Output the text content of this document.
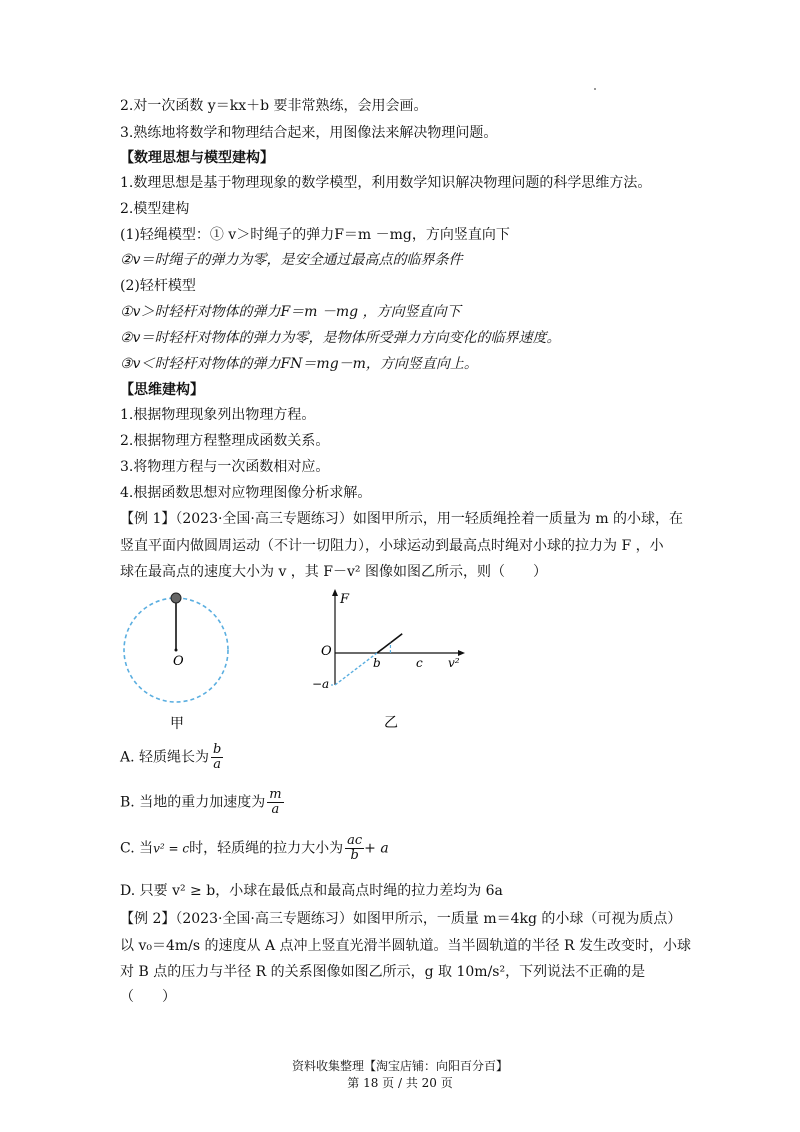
2.对一次函数 y＝kx＋b 要非常熟练，会用会画。
3.熟练地将数学和物理结合起来，用图像法来解决物理问题。
【数理思想与模型建构】
1.数理思想是基于物理现象的数学模型，利用数学知识解决物理问题的科学思维方法。
2.模型建构
(1)轻绳模型：① v＞时绳子的弹力F＝m －mg，方向竖直向下
②v＝时绳子的弹力为零，是安全通过最高点的临界条件
(2)轻杆模型
①v＞时轻杆对物体的弹力F＝m －mg ，方向竖直向下
②v＝时轻杆对物体的弹力为零，是物体所受弹力方向变化的临界速度。
③v＜时轻杆对物体的弹力FN＝mg－m，方向竖直向上。
【思维建构】
1.根据物理现象列出物理方程。
2.根据物理方程整理成函数关系。
3.将物理方程与一次函数相对应。
4.根据函数思想对应物理图像分析求解。
【例 1】（2023·全国·高三专题练习）如图甲所示，用一轻质绳拴着一质量为 m 的小球，在
竖直平面内做圆周运动（不计一切阻力），小球运动到最高点时绳对小球的拉力为 F ，小
球在最高点的速度大小为 v ，其 F－v² 图像如图乙所示，则（　　）
O
甲
F
v²
O
b	c
−a
乙
A. 轻质绳长为 $\frac{b}{a}$
B. 当地的重力加速度为 $\frac{m}{a}$
C. 当v² = c时，轻质绳的拉力大小为 $\frac{ac}{b} + a$
D. 只要 v² ≥ b，小球在最低点和最高点时绳的拉力差均为 6a
【例 2】（2023·全国·高三专题练习）如图甲所示，一质量 m＝4kg 的小球（可视为质点）
以 v₀＝4m/s 的速度从 A 点冲上竖直光滑半圆轨道。当半圆轨道的半径 R 发生改变时，小球
对 B 点的压力与半径 R 的关系图像如图乙所示，g 取 10m/s²，下列说法不正确的是
（　　）
资料收集整理【淘宝店铺：向阳百分百】
第 18 页 / 共 20 页
